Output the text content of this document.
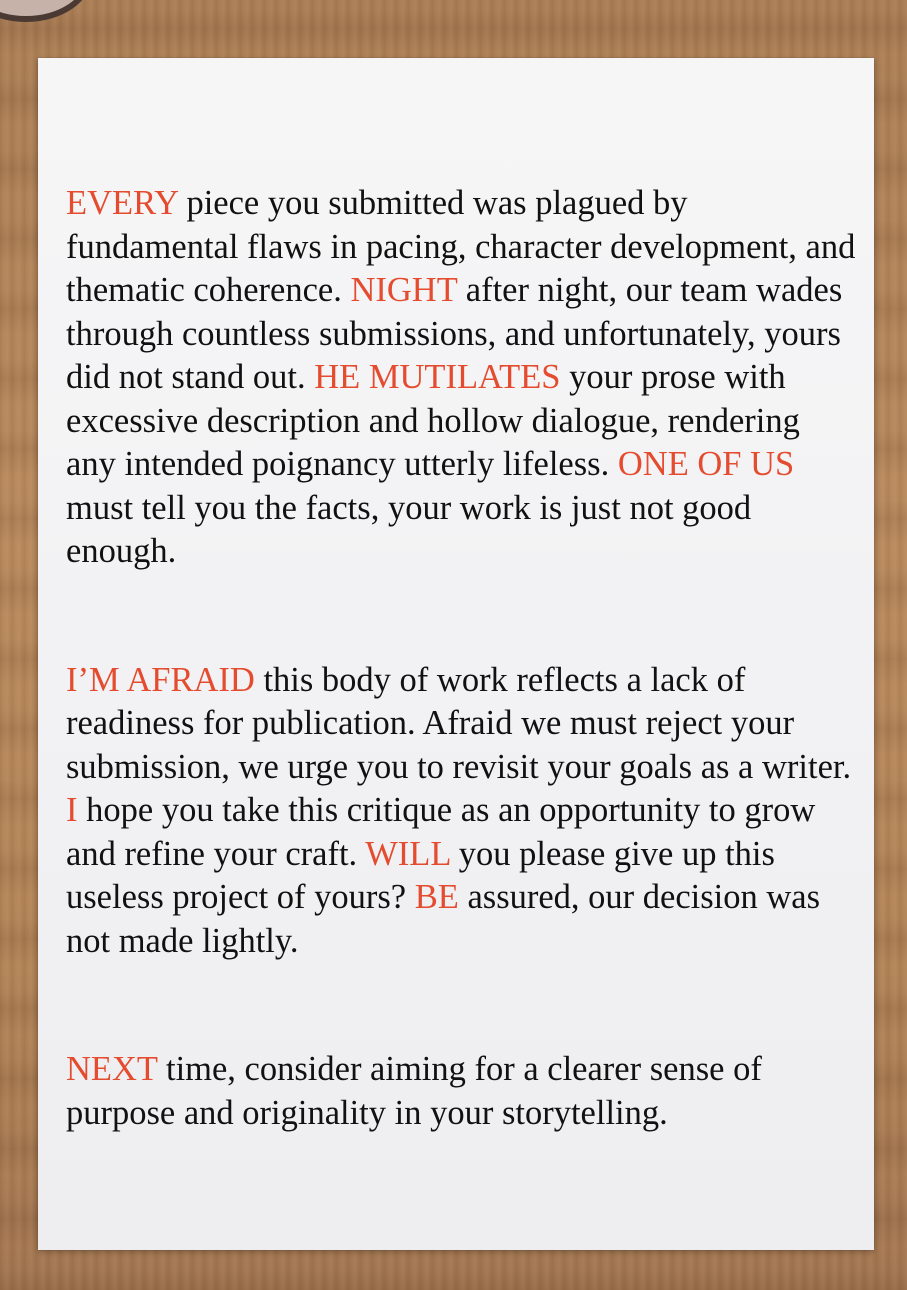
EVERY piece you submitted was plagued by fundamental flaws in pacing, character development, and thematic coherence. NIGHT after night, our team wades through countless submissions, and unfortunately, yours did not stand out. HE MUTILATES your prose with excessive description and hollow dialogue, rendering any intended poignancy utterly lifeless. ONE OF US must tell you the facts, your work is just not good enough.

I’M AFRAID this body of work reflects a lack of readiness for publication. Afraid we must reject your submission, we urge you to revisit your goals as a writer. I hope you take this critique as an opportunity to grow and refine your craft. WILL you please give up this useless project of yours? BE assured, our decision was not made lightly.

NEXT time, consider aiming for a clearer sense of purpose and originality in your storytelling.
